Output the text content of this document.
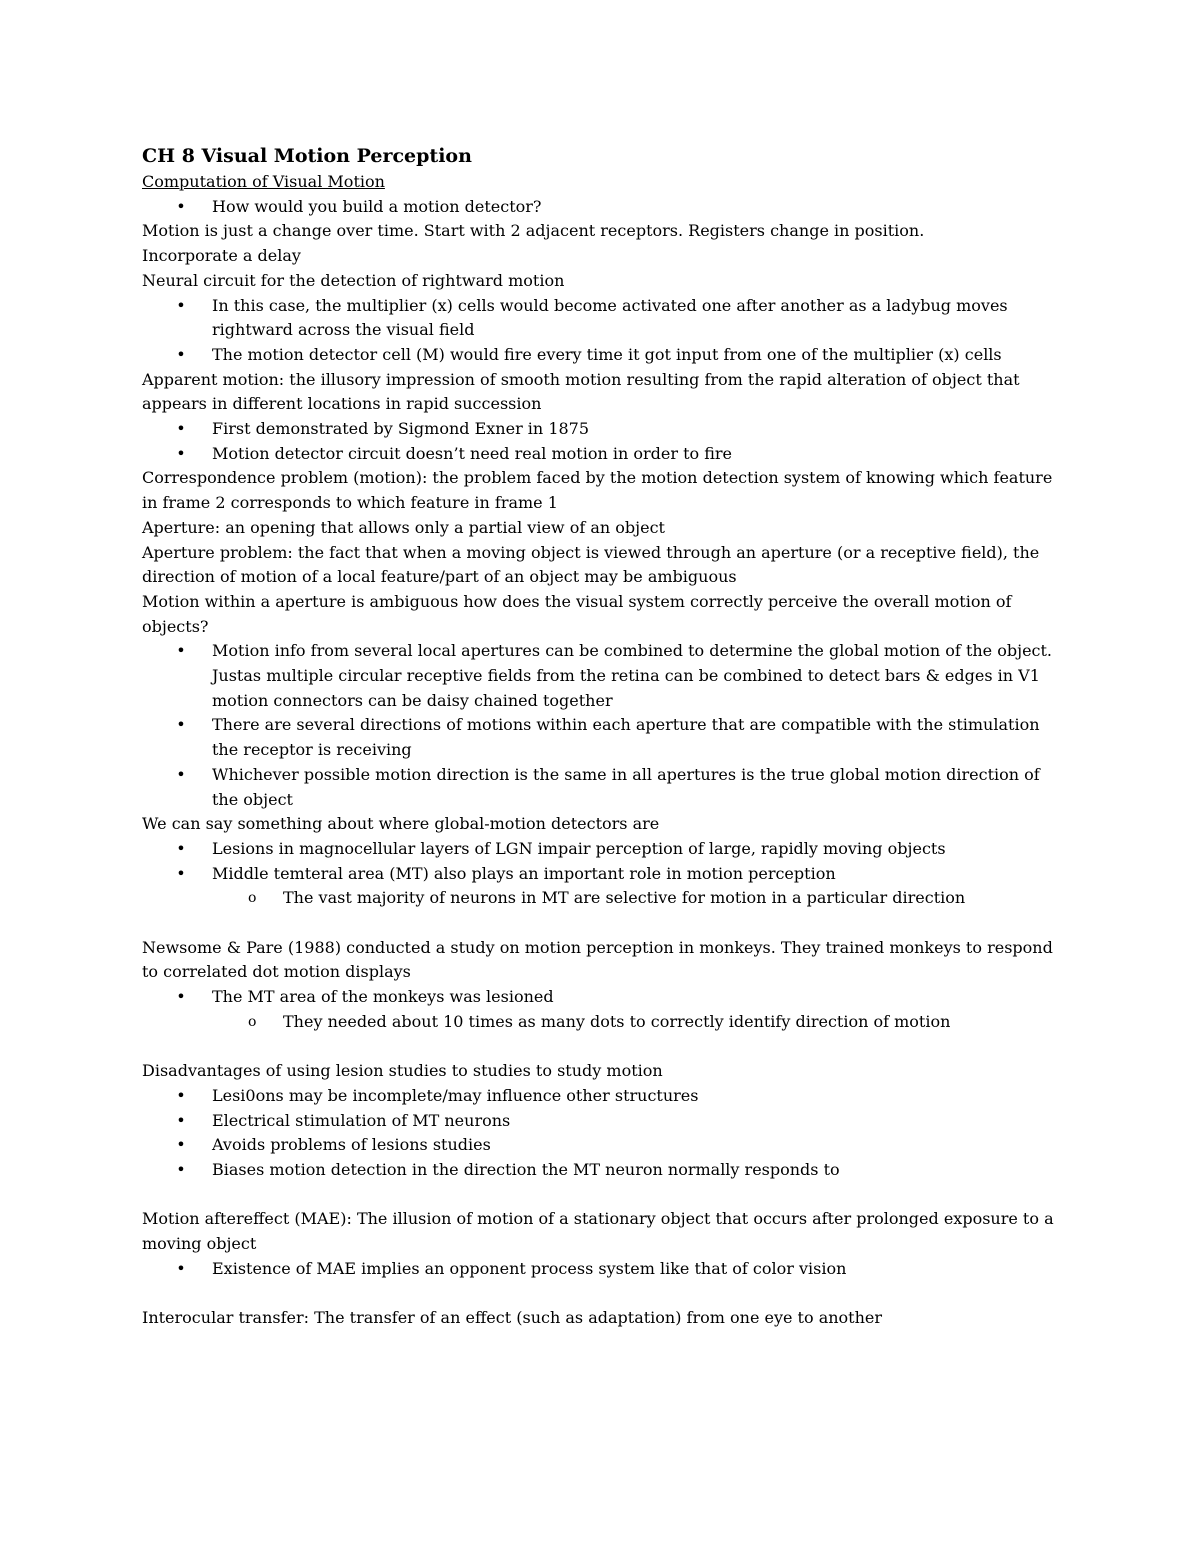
CH 8 Visual Motion Perception
Computation of Visual Motion
• How would you build a motion detector?
Motion is just a change over time. Start with 2 adjacent receptors. Registers change in position.
Incorporate a delay
Neural circuit for the detection of rightward motion
• In this case, the multiplier (x) cells would become activated one after another as a ladybug moves rightward across the visual field
• The motion detector cell (M) would fire every time it got input from one of the multiplier (x) cells
Apparent motion: the illusory impression of smooth motion resulting from the rapid alteration of object that appears in different locations in rapid succession
• First demonstrated by Sigmond Exner in 1875
• Motion detector circuit doesn’t need real motion in order to fire
Correspondence problem (motion): the problem faced by the motion detection system of knowing which feature in frame 2 corresponds to which feature in frame 1
Aperture: an opening that allows only a partial view of an object
Aperture problem: the fact that when a moving object is viewed through an aperture (or a receptive field), the direction of motion of a local feature/part of an object may be ambiguous
Motion within a aperture is ambiguous how does the visual system correctly perceive the overall motion of objects?
• Motion info from several local apertures can be combined to determine the global motion of the object. Justas multiple circular receptive fields from the retina can be combined to detect bars & edges in V1 motion connectors can be daisy chained together
• There are several directions of motions within each aperture that are compatible with the stimulation the receptor is receiving
• Whichever possible motion direction is the same in all apertures is the true global motion direction of the object
We can say something about where global-motion detectors are
• Lesions in magnocellular layers of LGN impair perception of large, rapidly moving objects
• Middle temteral area (MT) also plays an important role in motion perception
o The vast majority of neurons in MT are selective for motion in a particular direction
Newsome & Pare (1988) conducted a study on motion perception in monkeys. They trained monkeys to respond to correlated dot motion displays
• The MT area of the monkeys was lesioned
o They needed about 10 times as many dots to correctly identify direction of motion
Disadvantages of using lesion studies to studies to study motion
• Lesi0ons may be incomplete/may influence other structures
• Electrical stimulation of MT neurons
• Avoids problems of lesions studies
• Biases motion detection in the direction the MT neuron normally responds to
Motion aftereffect (MAE): The illusion of motion of a stationary object that occurs after prolonged exposure to a moving object
• Existence of MAE implies an opponent process system like that of color vision
Interocular transfer: The transfer of an effect (such as adaptation) from one eye to another
